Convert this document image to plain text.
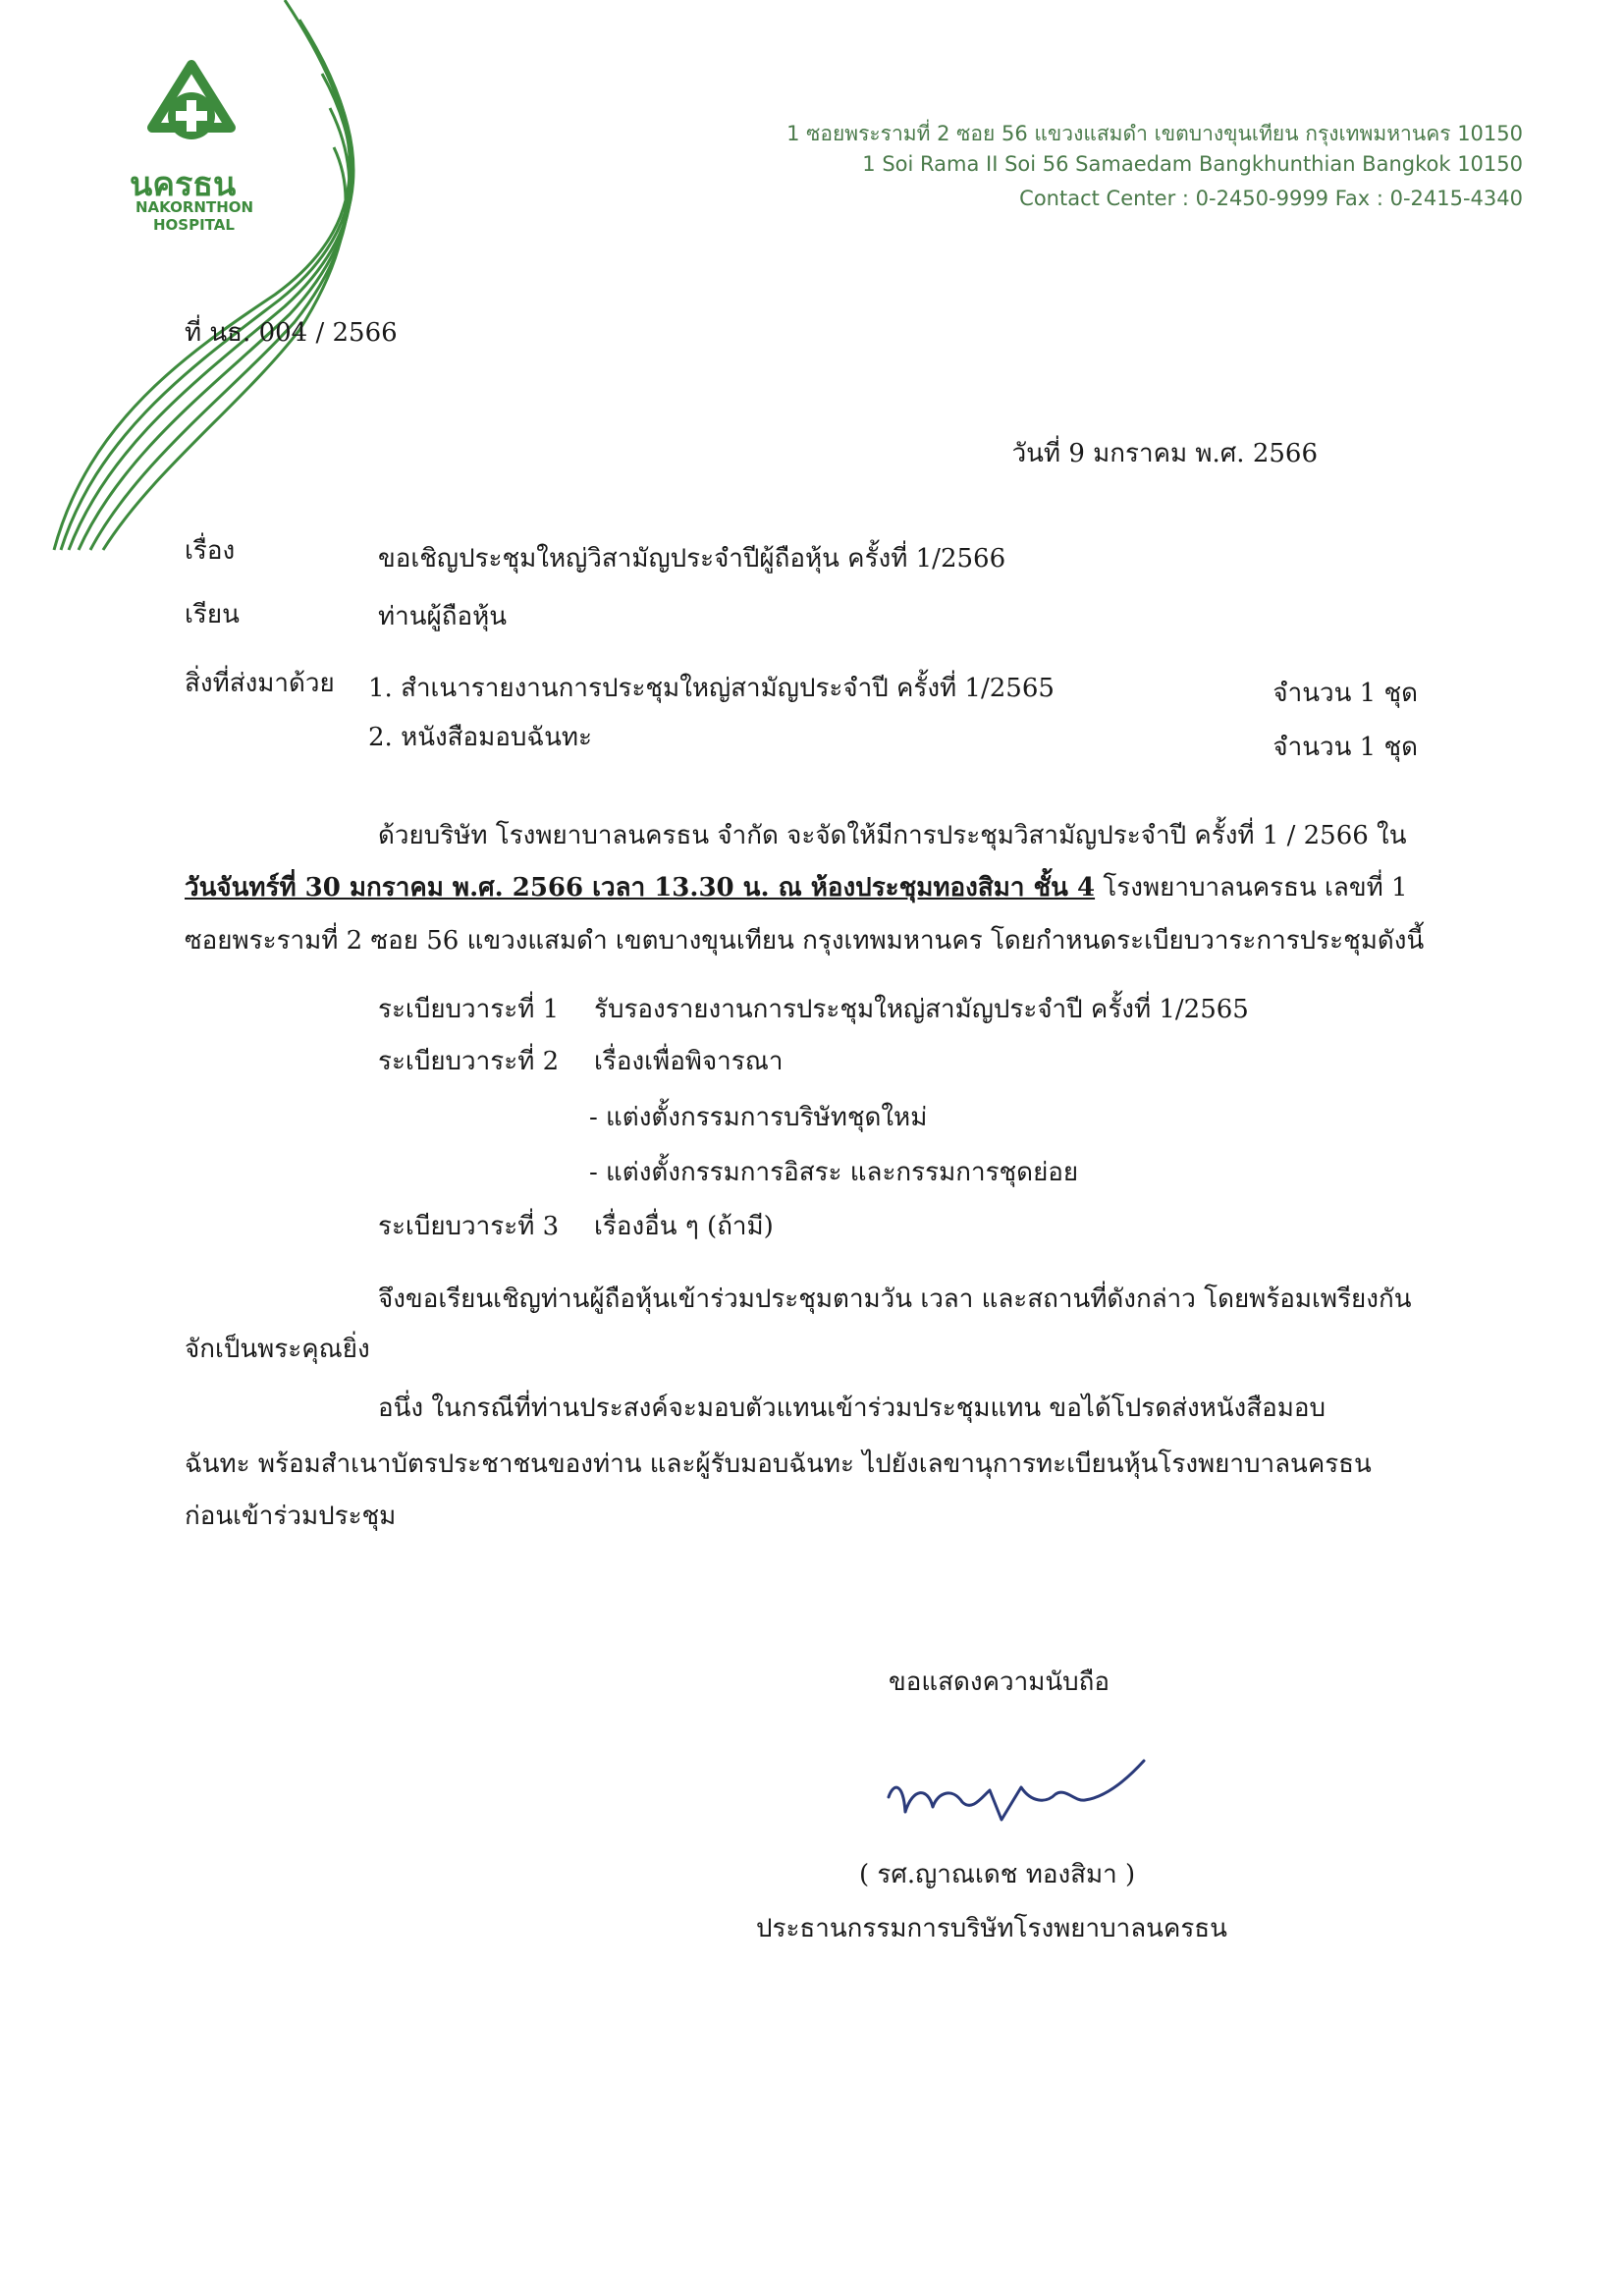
นครธน
NAKORNTHON
HOSPITAL
1 ซอยพระรามที่ 2 ซอย 56 แขวงแสมดำ เขตบางขุนเทียน กรุงเทพมหานคร 10150
1 Soi Rama II Soi 56 Samaedam Bangkhunthian Bangkok 10150
Contact Center : 0-2450-9999 Fax : 0-2415-4340
ที่ นธ. 004 / 2566
วันที่ 9 มกราคม พ.ศ. 2566
เรื่อง	ขอเชิญประชุมใหญ่วิสามัญประจำปีผู้ถือหุ้น ครั้งที่ 1/2566
เรียน	ท่านผู้ถือหุ้น
สิ่งที่ส่งมาด้วย 1. สำเนารายงานการประชุมใหญ่สามัญประจำปี ครั้งที่ 1/2565	จำนวน 1 ชุด
2. หนังสือมอบฉันทะ	จำนวน 1 ชุด
ด้วยบริษัท โรงพยาบาลนครธน จำกัด จะจัดให้มีการประชุมวิสามัญประจำปี ครั้งที่ 1 / 2566 ใน
วันจันทร์ที่ 30 มกราคม พ.ศ. 2566 เวลา 13.30 น. ณ ห้องประชุมทองสิมา ชั้น 4 โรงพยาบาลนครธน เลขที่ 1
ซอยพระรามที่ 2 ซอย 56 แขวงแสมดำ เขตบางขุนเทียน กรุงเทพมหานคร โดยกำหนดระเบียบวาระการประชุมดังนี้
ระเบียบวาระที่ 1 รับรองรายงานการประชุมใหญ่สามัญประจำปี ครั้งที่ 1/2565
ระเบียบวาระที่ 2 เรื่องเพื่อพิจารณา
- แต่งตั้งกรรมการบริษัทชุดใหม่
- แต่งตั้งกรรมการอิสระ และกรรมการชุดย่อย
ระเบียบวาระที่ 3 เรื่องอื่น ๆ (ถ้ามี)
จึงขอเรียนเชิญท่านผู้ถือหุ้นเข้าร่วมประชุมตามวัน เวลา และสถานที่ดังกล่าว โดยพร้อมเพรียงกัน
จักเป็นพระคุณยิ่ง
อนึ่ง ในกรณีที่ท่านประสงค์จะมอบตัวแทนเข้าร่วมประชุมแทน ขอได้โปรดส่งหนังสือมอบ
ฉันทะ พร้อมสำเนาบัตรประชาชนของท่าน และผู้รับมอบฉันทะ ไปยังเลขานุการทะเบียนหุ้นโรงพยาบาลนครธน
ก่อนเข้าร่วมประชุม
ขอแสดงความนับถือ
( รศ.ญาณเดช ทองสิมา )
ประธานกรรมการบริษัทโรงพยาบาลนครธน
